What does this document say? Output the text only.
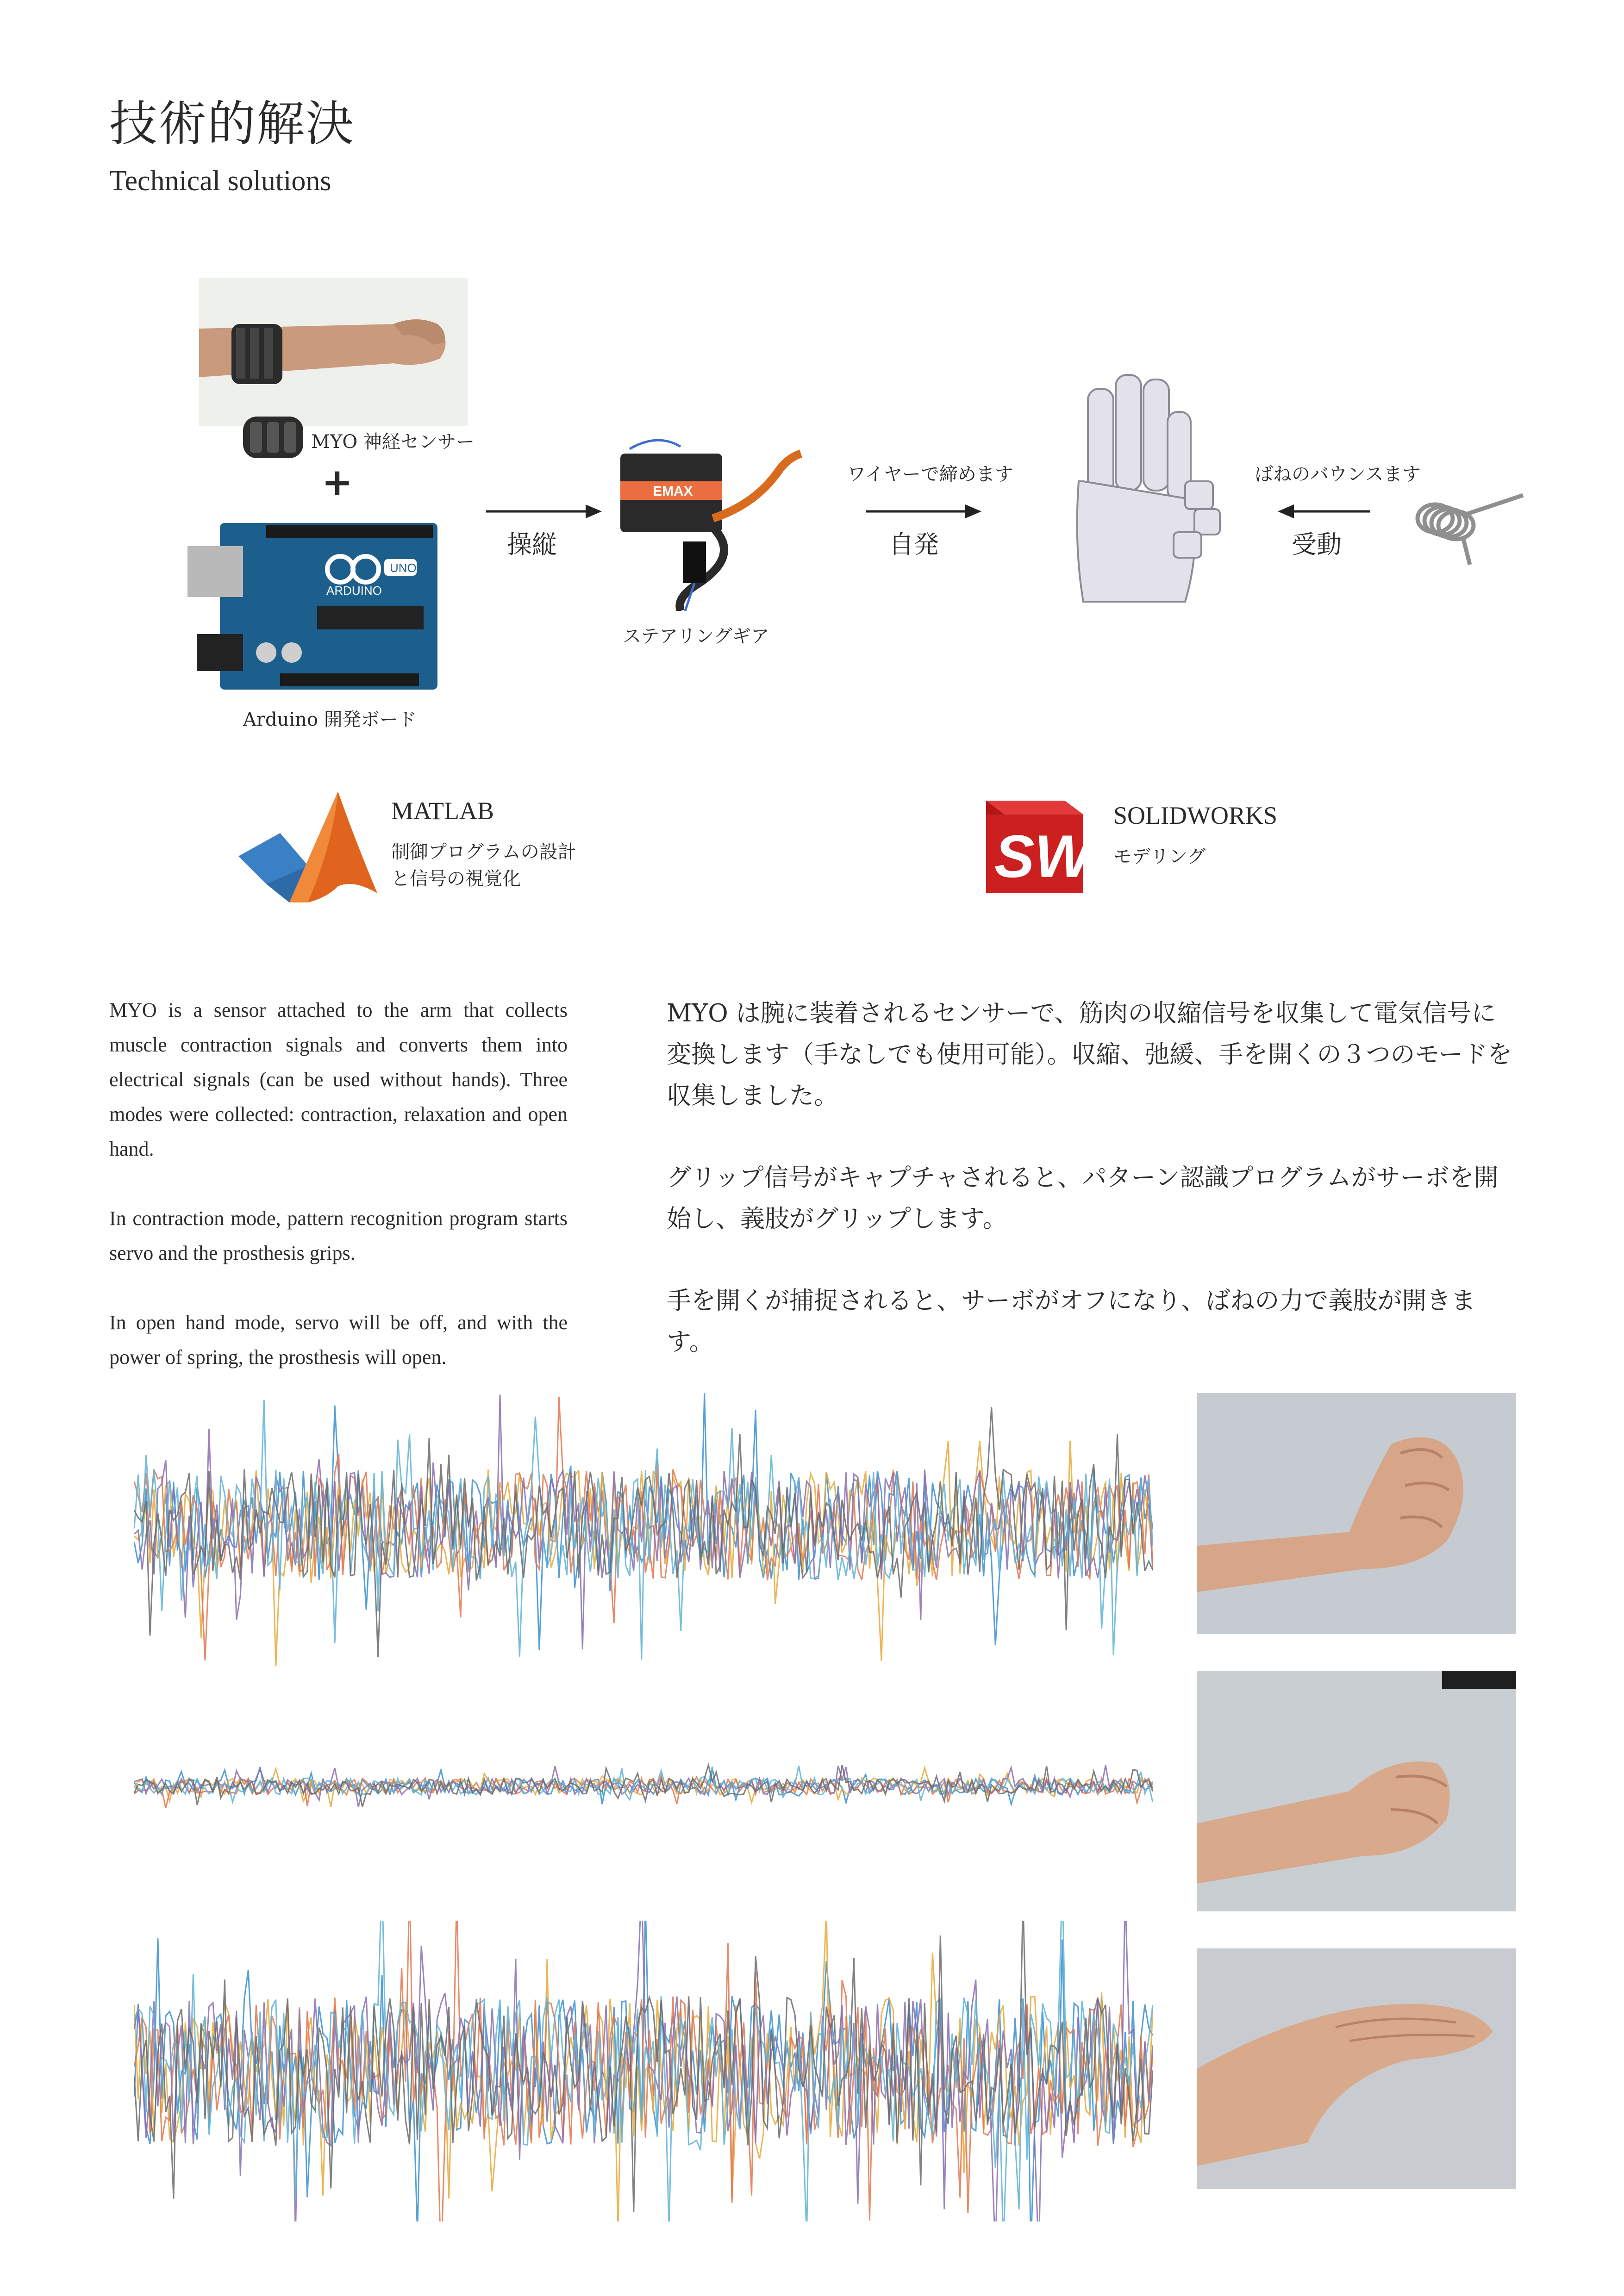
技術的解決
Technical solutions
MYO 神経センサー
+
ARDUINO
UNO
Arduino 開発ボード
操縦
EMAX
ステアリングギア
ワイヤーで締めます
自発
ばねのバウンスます
受動
MATLAB
制御プログラムの設計
と信号の視覚化	SW
SOLIDWORKS
モデリング

MYO is a sensor attached to the arm that collects muscle contraction signals and converts them into electrical signals (can be used without hands). Three modes were collected: contraction, relaxation and open hand.

In contraction mode, pattern recognition program starts servo and the prosthesis grips.

In open hand mode, servo will be off, and with the power of spring, the prosthesis will open.

MYO は腕に装着されるセンサーで、筋肉の収縮信号を収集して電気信号に変換します（手なしでも使用可能）。収縮、弛緩、手を開くの３つのモードを収集しました。

グリップ信号がキャプチャされると、パターン認識プログラムがサーボを開始し、義肢がグリップします。

手を開くが捕捉されると、サーボがオフになり、ばねの力で義肢が開きます。
